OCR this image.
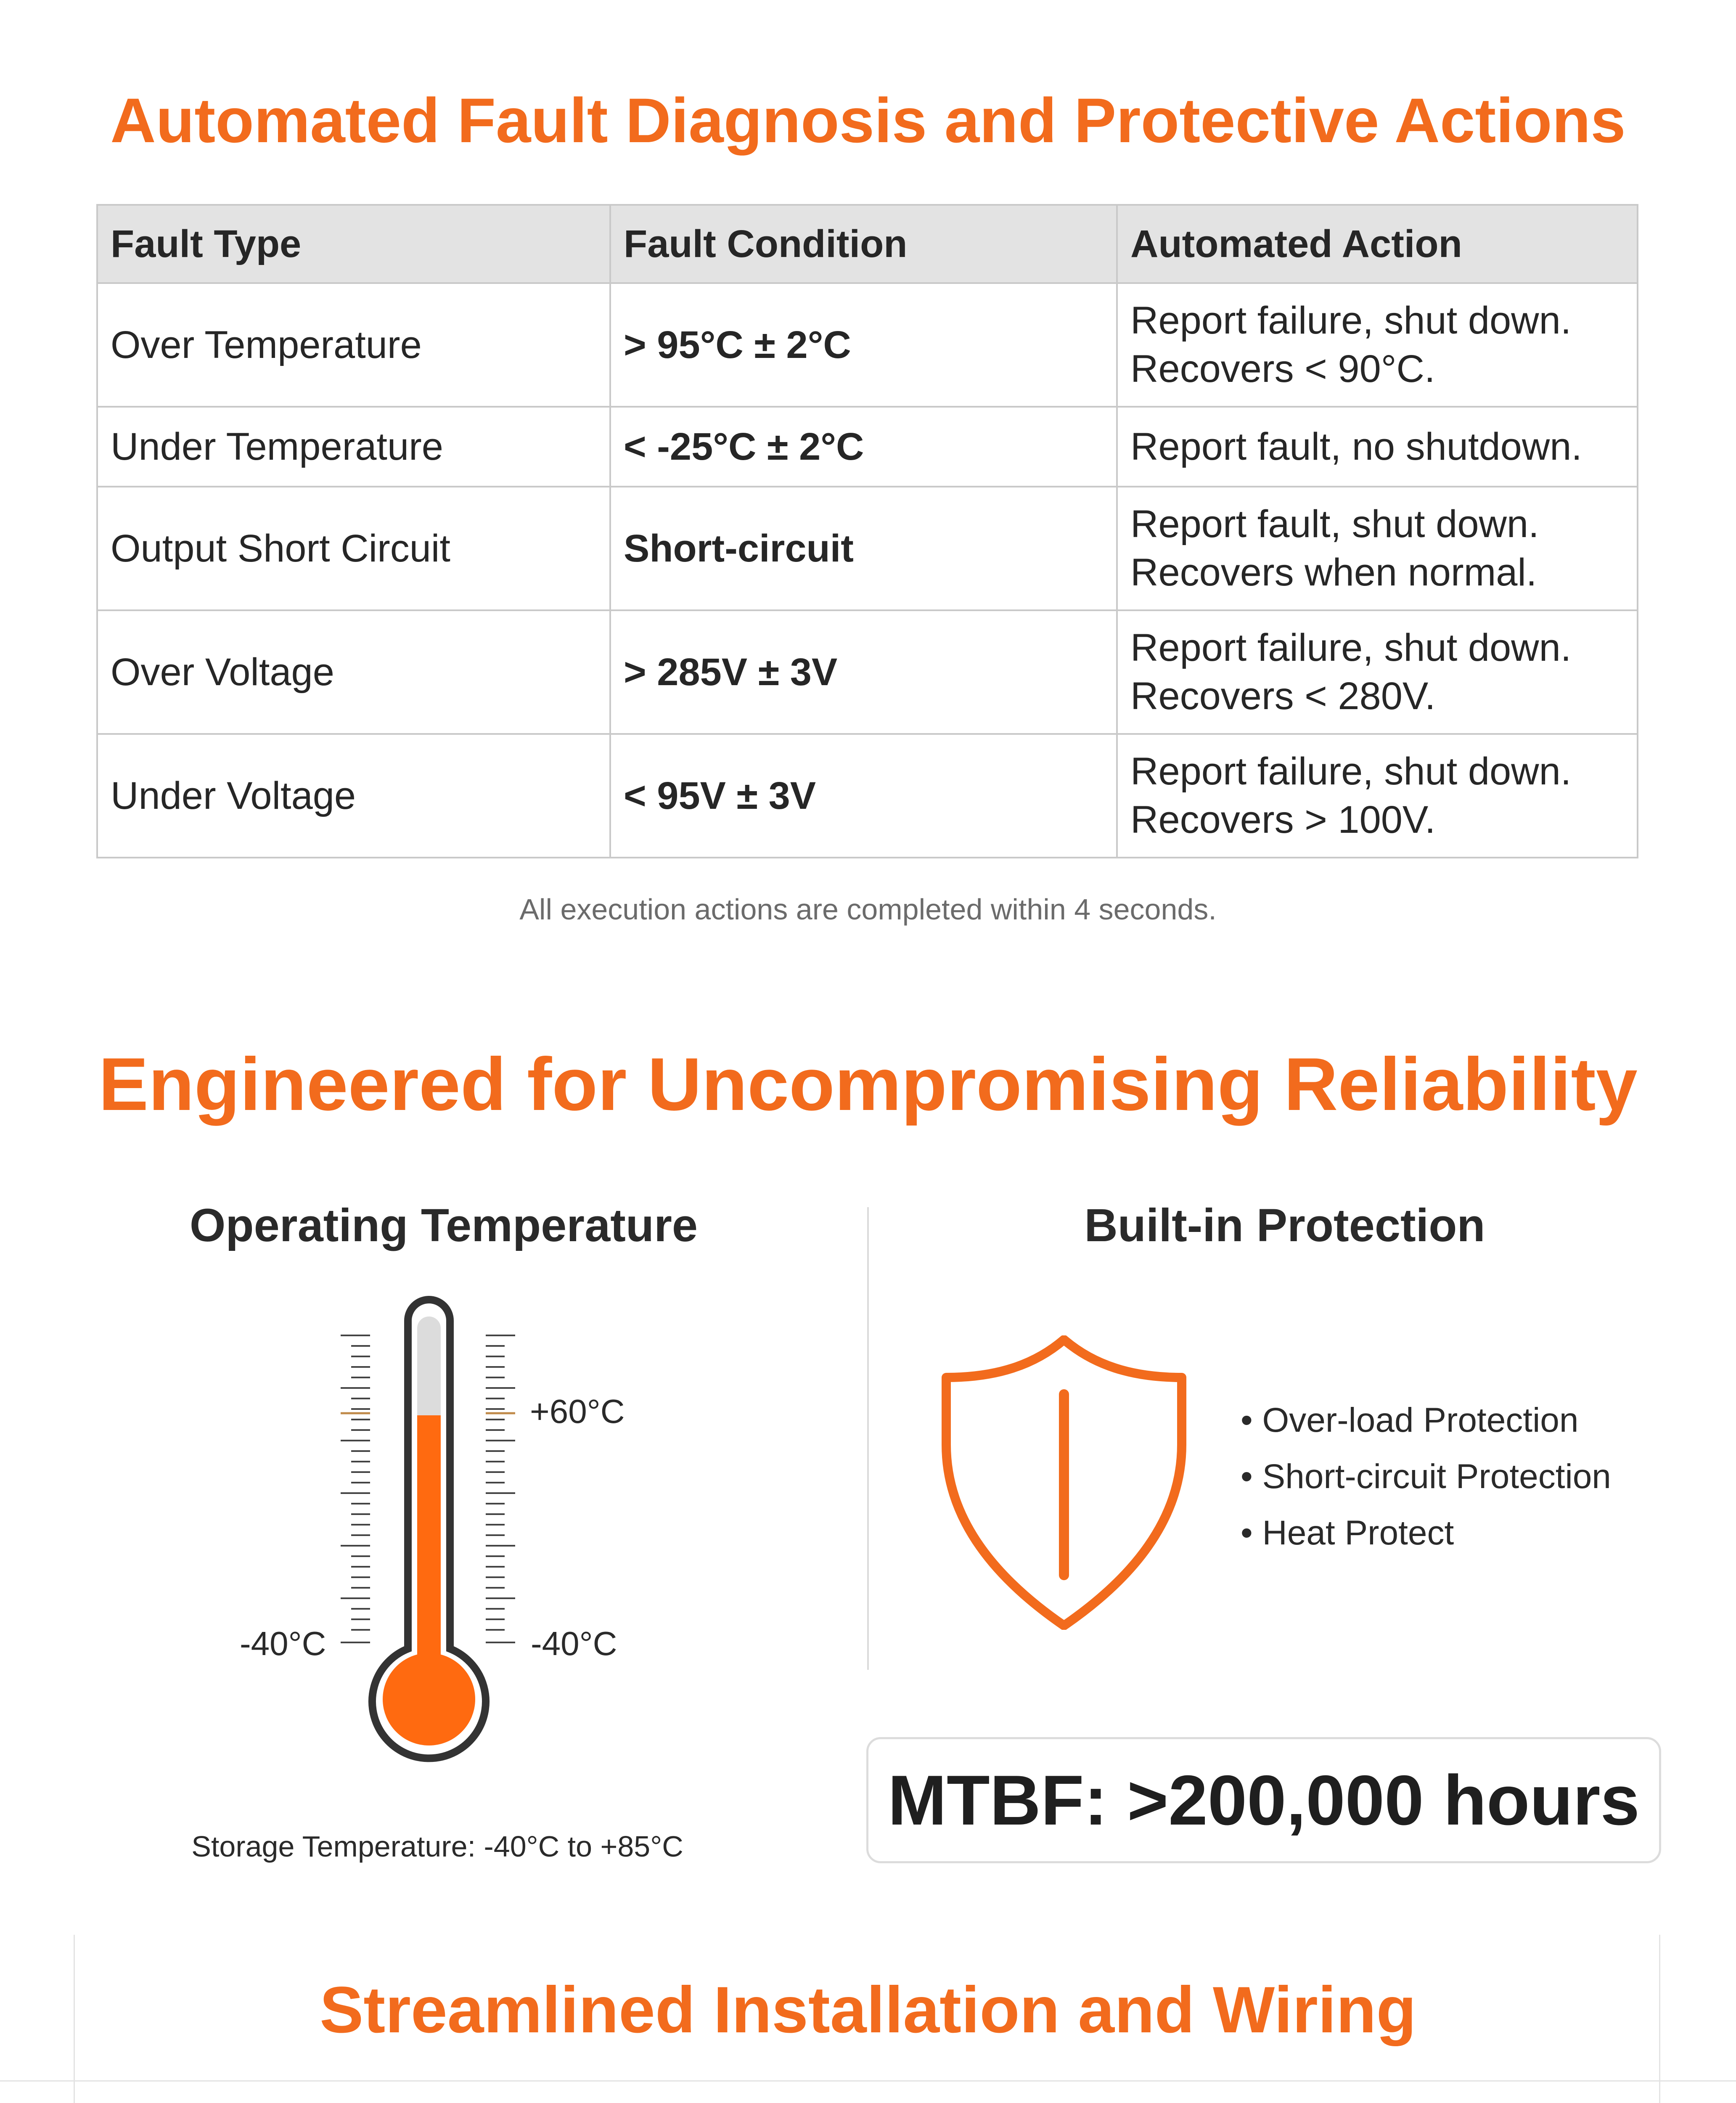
Automated Fault Diagnosis and Protective Actions
Fault Type	Fault Condition	Automated Action
Over Temperature	> 95°C ± 2°C	Report failure, shut down.
Recovers < 90°C.

Under Temperature	< -25°C ± 2°C	Report fault, no shutdown.

Output Short Circuit	Short-circuit	Report fault, shut down.
Recovers when normal.

Over Voltage	> 285V ± 3V	Report failure, shut down.
Recovers < 280V.

Under Voltage	< 95V ± 3V	Report failure, shut down.
Recovers > 100V.
All execution actions are completed within 4 seconds.
Engineered for Uncompromising Reliability
Operating Temperature	Built-in Protection
+60°C
-40°C	-40°C
Storage Temperature: -40°C to +85°C
• Over-load Protection
• Short-circuit Protection
• Heat Protect
MTBF: >200,000 hours
Streamlined Installation and Wiring
